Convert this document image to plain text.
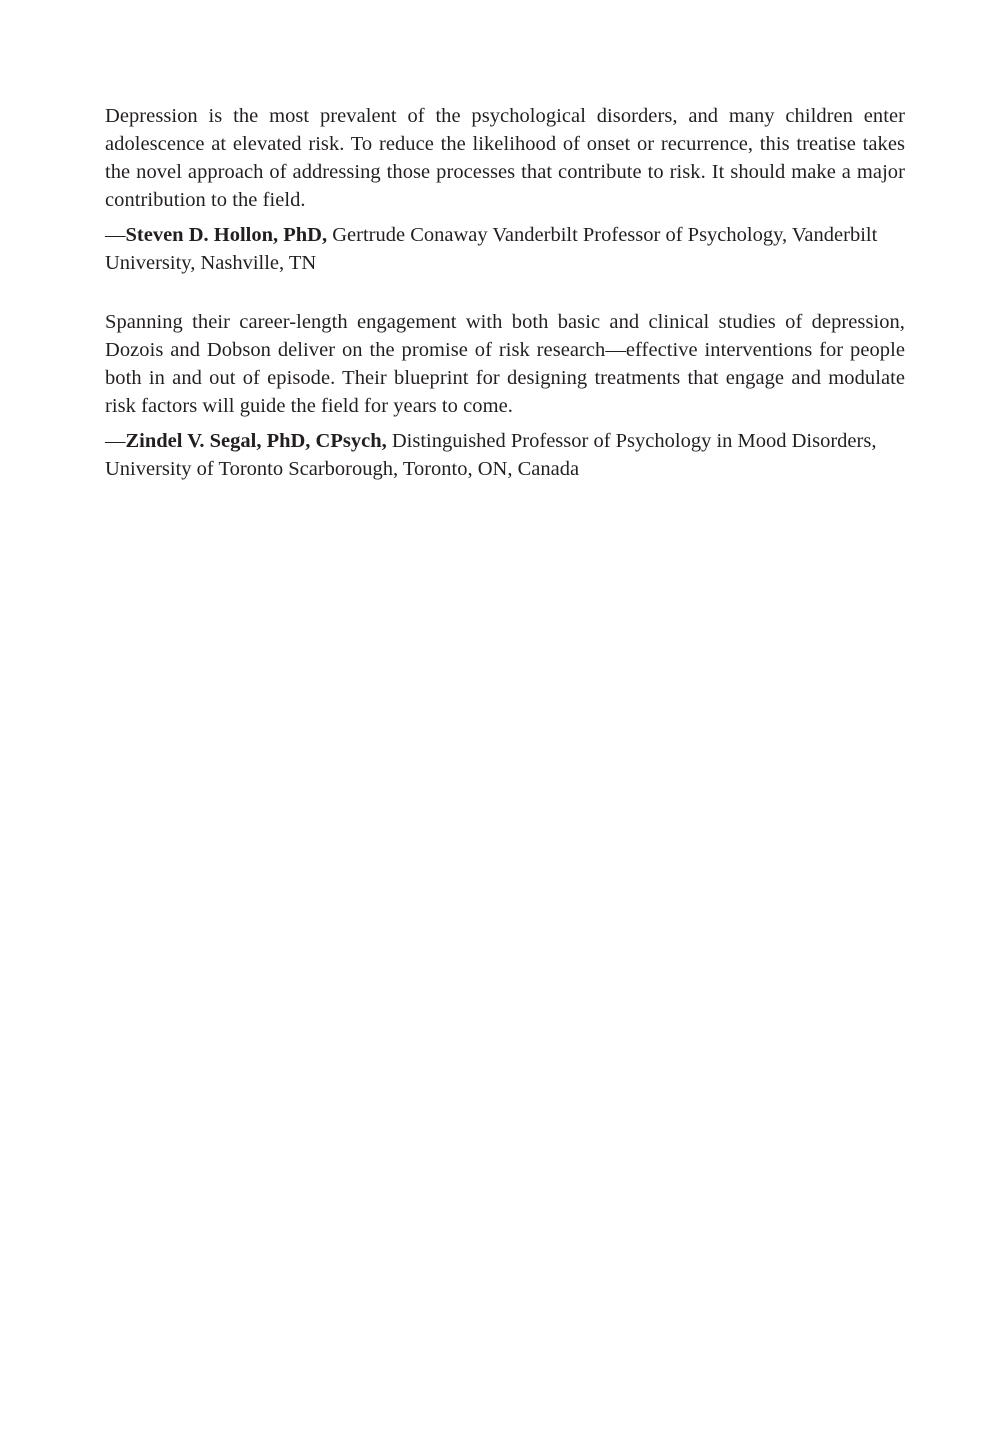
Depression is the most prevalent of the psychological disorders, and many children enter adolescence at elevated risk. To reduce the likelihood of onset or recurrence, this treatise takes the novel approach of addressing those processes that contribute to risk. It should make a major contribution to the field.

—Steven D. Hollon, PhD, Gertrude Conaway Vanderbilt Professor of Psychology, Vanderbilt University, Nashville, TN

Spanning their career-length engagement with both basic and clinical studies of depression, Dozois and Dobson deliver on the promise of risk research—effective interventions for people both in and out of episode. Their blueprint for designing treatments that engage and modulate risk factors will guide the field for years to come.

—Zindel V. Segal, PhD, CPsych, Distinguished Professor of Psychology in Mood Disorders, University of Toronto Scarborough, Toronto, ON, Canada
